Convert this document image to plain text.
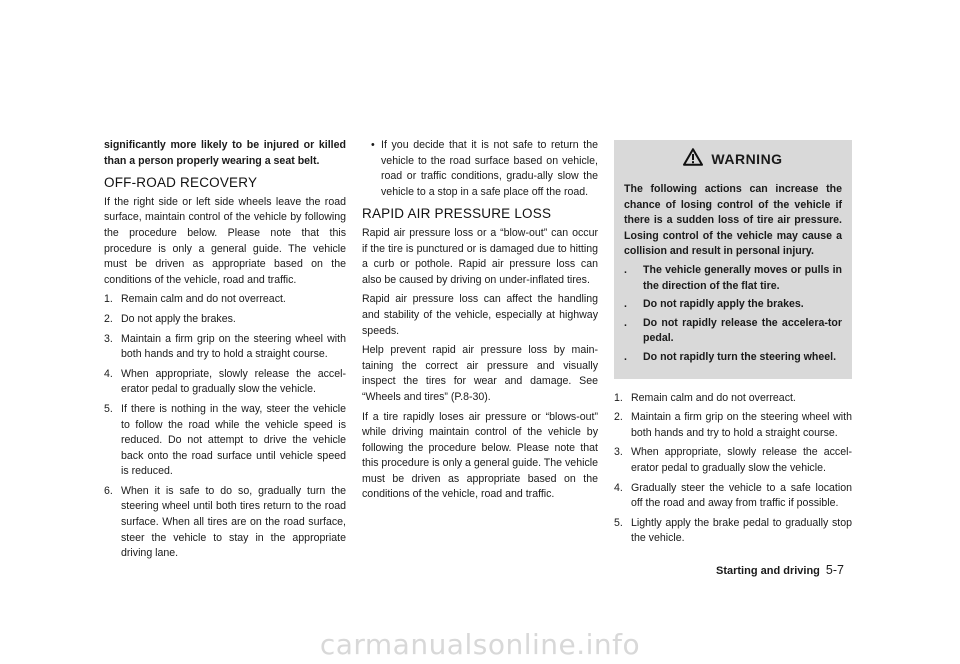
significantly more likely to be injured or killed than a person properly wearing a seat belt.

OFF-ROAD RECOVERY

If the right side or left side wheels leave the road surface, maintain control of the vehicle by following the procedure below. Please note that this procedure is only a general guide. The vehicle must be driven as appropriate based on the conditions of the vehicle, road and traffic.

1. Remain calm and do not overreact.
2. Do not apply the brakes.
3. Maintain a firm grip on the steering wheel with both hands and try to hold a straight course.
4. When appropriate, slowly release the accel-erator pedal to gradually slow the vehicle.
5. If there is nothing in the way, steer the vehicle to follow the road while the vehicle speed is reduced. Do not attempt to drive the vehicle back onto the road surface until vehicle speed is reduced.
6. When it is safe to do so, gradually turn the steering wheel until both tires return to the road surface. When all tires are on the road surface, steer the vehicle to stay in the appropriate driving lane.
• If you decide that it is not safe to return the vehicle to the road surface based on vehicle, road or traffic conditions, gradu-ally slow the vehicle to a stop in a safe place off the road.
RAPID AIR PRESSURE LOSS

Rapid air pressure loss or a “blow-out” can occur if the tire is punctured or is damaged due to hitting a curb or pothole. Rapid air pressure loss can also be caused by driving on under-inflated tires.

Rapid air pressure loss can affect the handling and stability of the vehicle, especially at highway speeds.

Help prevent rapid air pressure loss by main-taining the correct air pressure and visually inspect the tires for wear and damage. See “Wheels and tires” (P.8-30).

If a tire rapidly loses air pressure or “blows-out” while driving maintain control of the vehicle by following the procedure below. Please note that this procedure is only a general guide. The vehicle must be driven as appropriate based on the conditions of the vehicle, road and traffic.

WARNING

The following actions can increase the chance of losing control of the vehicle if there is a sudden loss of tire air pressure. Losing control of the vehicle may cause a collision and result in personal injury.

. The vehicle generally moves or pulls in the direction of the flat tire.
. Do not rapidly apply the brakes.
. Do not rapidly release the accelera-tor pedal.
. Do not rapidly turn the steering wheel.
1. Remain calm and do not overreact.
2. Maintain a firm grip on the steering wheel with both hands and try to hold a straight course.
3. When appropriate, slowly release the accel-erator pedal to gradually slow the vehicle.
4. Gradually steer the vehicle to a safe location off the road and away from traffic if possible.
5. Lightly apply the brake pedal to gradually stop the vehicle.
Starting and driving 5-7
carmanualsonline.info
